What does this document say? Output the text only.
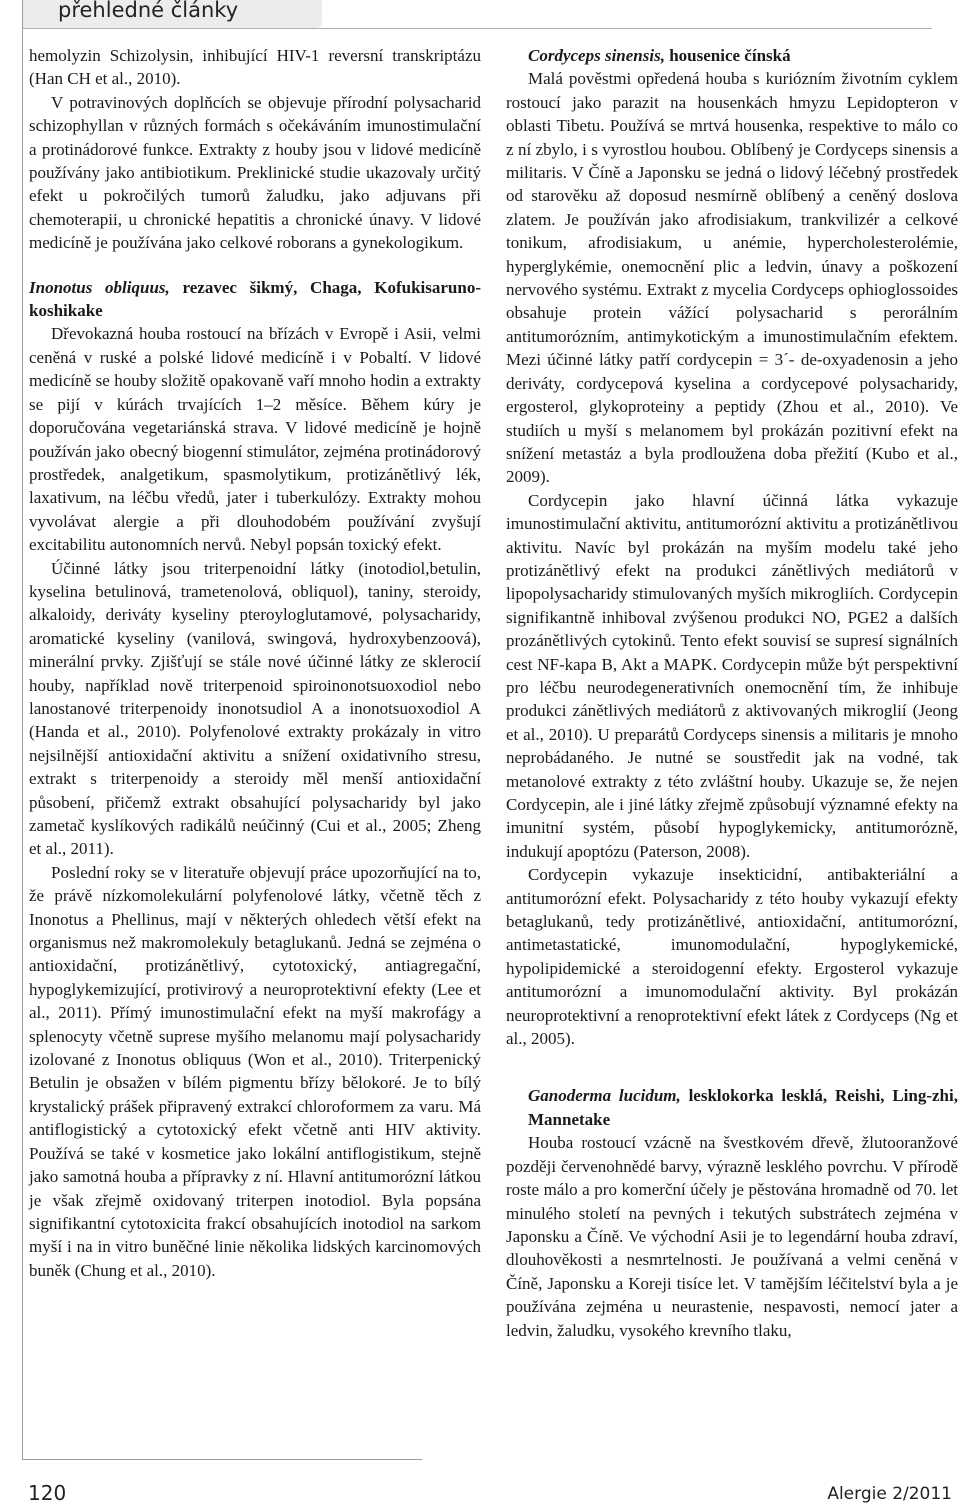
přehledné články

hemolyzin Schizolysin, inhibující HIV-1 reversní transkriptázu (Han CH et al., 2010).

V potravinových doplňcích se objevuje přírodní polysacharid schizophyllan v různých formách s očekáváním imunostimulační a protinádorové funkce. Extrakty z houby jsou v lidové medicíně používány jako antibiotikum. Preklinické studie ukazovaly určitý efekt u pokročilých tumorů žaludku, jako adjuvans při chemoterapii, u chronické hepatitis a chronické únavy. V lidové medicíně je používána jako celkové roborans a gynekologikum.

Inonotus obliquus, rezavec šikmý, Chaga, Kofukisaruno-koshikake

Dřevokazná houba rostoucí na břízách v Evropě i Asii, velmi ceněná v ruské a polské lidové medicíně i v Pobaltí. V lidové medicíně se houby složitě opakovaně vaří mnoho hodin a extrakty se pijí v kúrách trvajících 1–2 měsíce. Během kúry je doporučována vegetariánská strava. V lidové medicíně je hojně používán jako obecný biogenní stimulátor, zejména protinádorový prostředek, analgetikum, spasmolytikum, protizánětlivý lék, laxativum, na léčbu vředů, jater i tuberkulózy. Extrakty mohou vyvolávat alergie a při dlouhodobém používání zvyšují excitabilitu autonomních nervů. Nebyl popsán toxický efekt.

Účinné látky jsou triterpenoidní látky (inotodiol,betulin, kyselina betulinová, trametenolová, obliquol), taniny, steroidy, alkaloidy, deriváty kyseliny pteroyloglutamové, polysacharidy, aromatické kyseliny (vanilová, swingová, hydroxybenzoová), minerální prvky. Zjišťují se stále nové účinné látky ze sklerocií houby, například nově triterpenoid spiroinonotsuoxodiol nebo lanostanové triterpenoidy inonotsudiol A a inonotsuoxodiol A (Handa et al., 2010). Polyfenolové extrakty prokázaly in vitro nejsilnější antioxidační aktivitu a snížení oxidativního stresu, extrakt s triterpenoidy a steroidy měl menší antioxidační působení, přičemž extrakt obsahující polysacharidy byl jako zametač kyslíkových radikálů neúčinný (Cui et al., 2005; Zheng et al., 2011).

Poslední roky se v literatuře objevují práce upozorňující na to, že právě nízkomolekulární polyfenolové látky, včetně těch z Inonotus a Phellinus, mají v některých ohledech větší efekt na organismus než makromolekuly betaglukanů. Jedná se zejména o antioxidační, protizánětlivý, cytotoxický, antiagregační, hypoglykemizující, protivirový a neuroprotektivní efekty (Lee et al., 2011). Přímý imunostimulační efekt na myší makrofágy a splenocyty včetně suprese myšího melanomu mají polysacharidy izolované z Inonotus obliquus (Won et al., 2010). Triterpenický Betulin je obsažen v bílém pigmentu břízy bělokoré. Je to bílý krystalický prášek připravený extrakcí chloroformem za varu. Má antiflogistický a cytotoxický efekt včetně anti HIV aktivity. Používá se také v kosmetice jako lokální antiflogistikum, stejně jako samotná houba a přípravky z ní. Hlavní antitumorózní látkou je však zřejmě oxidovaný triterpen inotodiol. Byla popsána signifikantní cytotoxicita frakcí obsahujících inotodiol na sarkom myší i na in vitro buněčné linie několika lidských karcinomových buněk (Chung et al., 2010).

Cordyceps sinensis, housenice čínská

Malá pověstmi opředená houba s kuriózním životním cyklem rostoucí jako parazit na housenkách hmyzu Lepidopteron v oblasti Tibetu. Používá se mrtvá housenka, respektive to málo co z ní zbylo, i s vyrostlou houbou. Oblíbený je Cordyceps sinensis a militaris. V Číně a Japonsku se jedná o lidový léčebný prostředek od starověku až doposud nesmírně oblíbený a ceněný doslova zlatem. Je používán jako afrodisiakum, trankvilizér a celkové tonikum, afrodisiakum, u anémie, hypercholesterolémie, hyperglykémie, onemocnění plic a ledvin, únavy a poškození nervového systému. Extrakt z mycelia Cordyceps ophioglossoides obsahuje protein vážící polysacharid s perorálním antitumorózním, antimykotickým a imunostimulačním efektem. Mezi účinné látky patří cordycepin = 3´- de-oxyadenosin a jeho deriváty, cordycepová kyselina a cordycepové polysacharidy, ergosterol, glykoproteiny a peptidy (Zhou et al., 2010). Ve studiích u myší s melanomem byl prokázán pozitivní efekt na snížení metastáz a byla prodloužena doba přežití (Kubo et al., 2009).

Cordycepin jako hlavní účinná látka vykazuje imunostimulační aktivitu, antitumorózní aktivitu a protizánětlivou aktivitu. Navíc byl prokázán na myším modelu také jeho protizánětlivý efekt na produkci zánětlivých mediátorů v lipopolysacharidy stimulovaných myších mikrogliích. Cordycepin signifikantně inhiboval zvýšenou produkci NO, PGE2 a dalších prozánětlivých cytokinů. Tento efekt souvisí se supresí signálních cest NF-kapa B, Akt a MAPK. Cordycepin může být perspektivní pro léčbu neurodegenerativních onemocnění tím, že inhibuje produkci zánětlivých mediátorů z aktivovaných mikroglií (Jeong et al., 2010). U preparátů Cordyceps sinensis a militaris je mnoho neprobádaného. Je nutné se soustředit jak na vodné, tak metanolové extrakty z této zvláštní houby. Ukazuje se, že nejen Cordycepin, ale i jiné látky zřejmě způsobují významné efekty na imunitní systém, působí hypoglykemicky, antitumorózně, indukují apoptózu (Paterson, 2008).

Cordycepin vykazuje insekticidní, antibakteriální a antitumorózní efekt. Polysacharidy z této houby vykazují efekty betaglukanů, tedy protizánětlivé, antioxidační, antitumorózní, antimetastatické, imunomodulační, hypoglykemické, hypolipidemické a steroidogenní efekty. Ergosterol vykazuje antitumorózní a imunomodulační aktivity. Byl prokázán neuroprotektivní a renoprotektivní efekt látek z Cordyceps (Ng et al., 2005).

Ganoderma lucidum, lesklokorka lesklá, Reishi, Ling-zhi, Mannetake

Houba rostoucí vzácně na švestkovém dřevě, žlutooranžové později červenohnědé barvy, výrazně lesklého povrchu. V přírodě roste málo a pro komerční účely je pěstována hromadně od 70. let minulého století na pevných i tekutých substrátech zejména v Japonsku a Číně. Ve východní Asii je to legendární houba zdraví, dlouhověkosti a nesmrtelnosti. Je používaná a velmi ceněná v Číně, Japonsku a Koreji tisíce let. V tamějším léčitelství byla a je používána zejména u neurastenie, nespavosti, nemocí jater a ledvin, žaludku, vysokého krevního tlaku,

120	Alergie 2/2011
